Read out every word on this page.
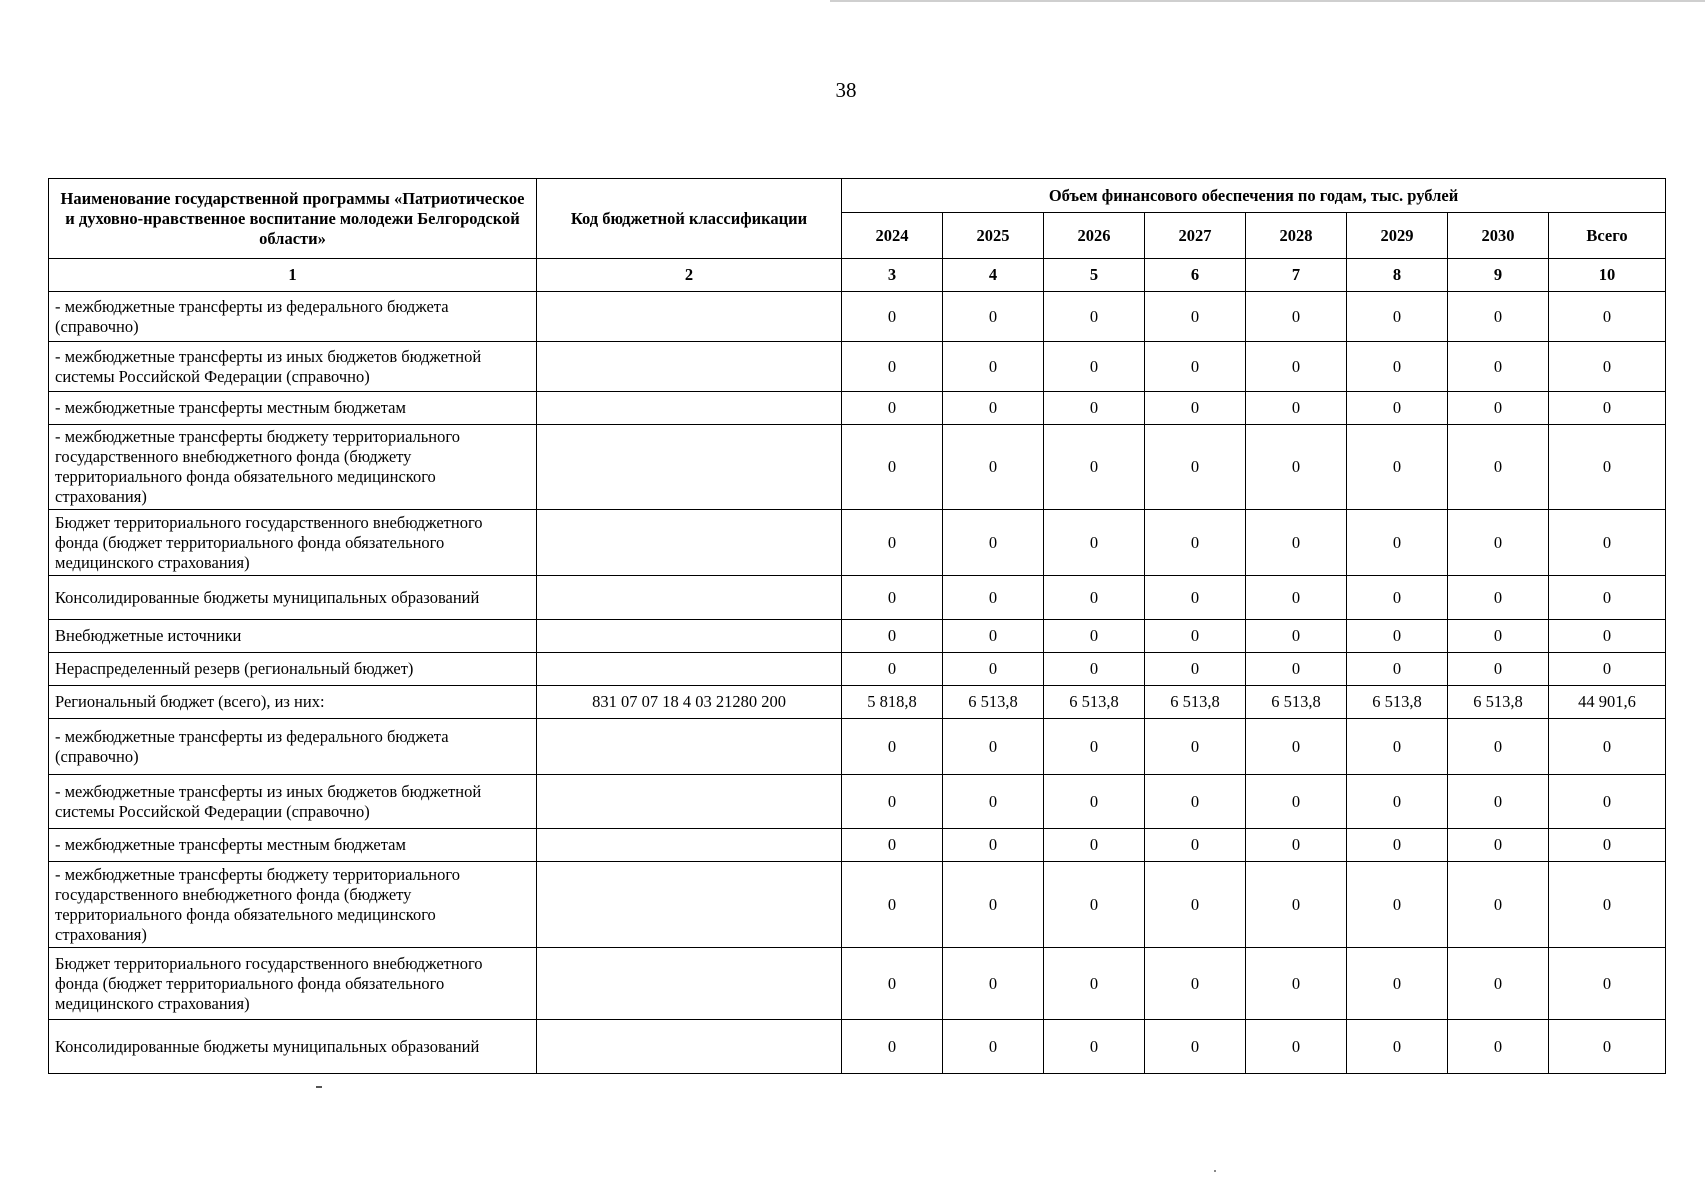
38
Наименование государственной программы «Патриотическое и духовно-нравственное воспитание молодежи Белгородской области»	Код бюджетной классификации	Объем финансового обеспечения по годам, тыс. рублей							
		2024	2025	2026	2027	2028	2029	2030	Всего
1	2	3	4	5	6	7	8	9	10
- межбюджетные трансферты из федерального бюджета (справочно)		0	0	0	0	0	0	0	0
- межбюджетные трансферты из иных бюджетов бюджетной системы Российской Федерации (справочно)		0	0	0	0	0	0	0	0
- межбюджетные трансферты местным бюджетам		0	0	0	0	0	0	0	0
- межбюджетные трансферты бюджету территориального государственного внебюджетного фонда (бюджету территориального фонда обязательного медицинского страхования)		0	0	0	0	0	0	0	0
Бюджет территориального государственного внебюджетного фонда (бюджет территориального фонда обязательного медицинского страхования)		0	0	0	0	0	0	0	0
Консолидированные бюджеты муниципальных образований		0	0	0	0	0	0	0	0
Внебюджетные источники		0	0	0	0	0	0	0	0
Нераспределенный резерв (региональный бюджет)		0	0	0	0	0	0	0	0
Региональный бюджет (всего), из них:	831 07 07 18 4 03 21280 200	5 818,8	6 513,8	6 513,8	6 513,8	6 513,8	6 513,8	6 513,8	44 901,6
- межбюджетные трансферты из федерального бюджета (справочно)		0	0	0	0	0	0	0	0
- межбюджетные трансферты из иных бюджетов бюджетной системы Российской Федерации (справочно)		0	0	0	0	0	0	0	0
- межбюджетные трансферты местным бюджетам		0	0	0	0	0	0	0	0
- межбюджетные трансферты бюджету территориального государственного внебюджетного фонда (бюджету территориального фонда обязательного медицинского страхования)		0	0	0	0	0	0	0	0
Бюджет территориального государственного внебюджетного фонда (бюджет территориального фонда обязательного медицинского страхования)		0	0	0	0	0	0	0	0
Консолидированные бюджеты муниципальных образований		0	0	0	0	0	0	0	0
